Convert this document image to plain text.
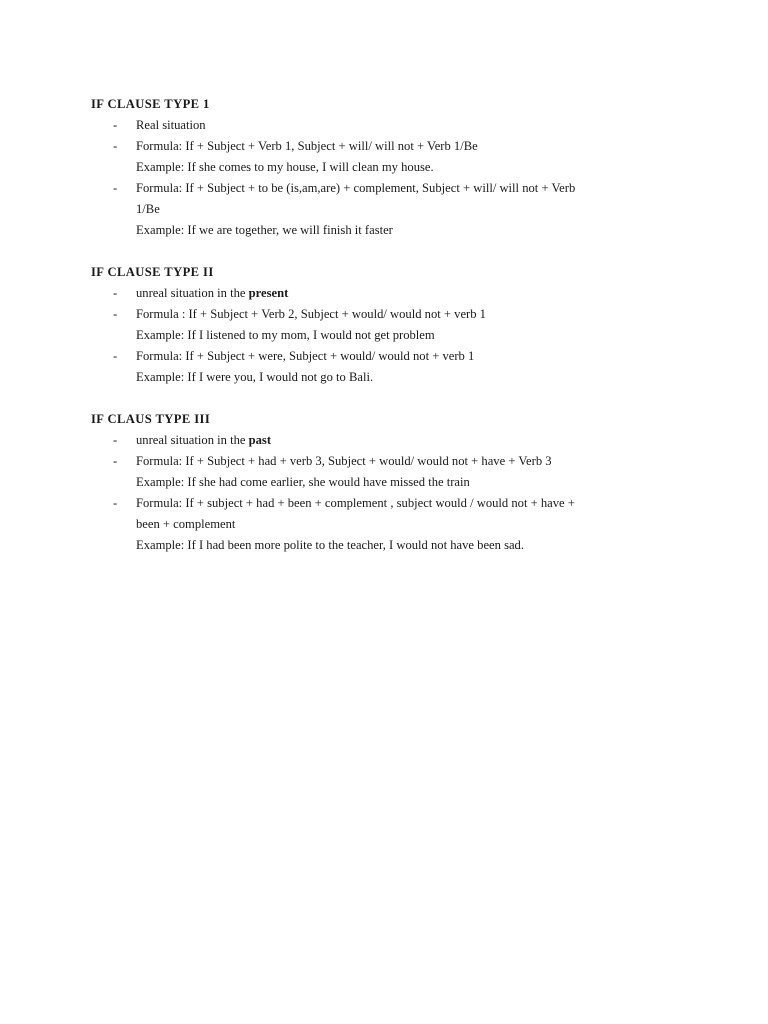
IF CLAUSE TYPE 1
- Real situation
- Formula: If + Subject + Verb 1, Subject + will/ will not + Verb 1/Be
Example: If she comes to my house, I will clean my house.
- Formula: If + Subject + to be (is,am,are) + complement, Subject + will/ will not + Verb
1/Be
Example: If we are together, we will finish it faster
IF CLAUSE TYPE II
- unreal situation in the present
- Formula : If + Subject + Verb 2, Subject + would/ would not + verb 1
Example: If I listened to my mom, I would not get problem
- Formula: If + Subject + were, Subject + would/ would not + verb 1
Example: If I were you, I would not go to Bali.
IF CLAUS TYPE III
- unreal situation in the past
- Formula: If + Subject + had + verb 3, Subject + would/ would not + have + Verb 3
Example: If she had come earlier, she would have missed the train
- Formula: If + subject + had + been + complement , subject would / would not + have +
been + complement
Example: If I had been more polite to the teacher, I would not have been sad.
